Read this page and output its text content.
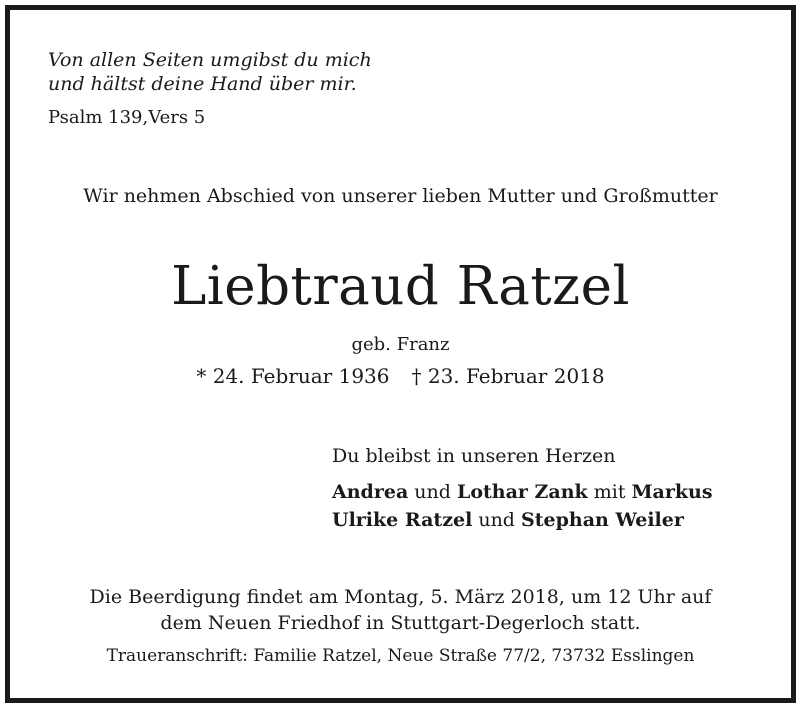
Von allen Seiten umgibst du mich
und hältst deine Hand über mir.
Psalm 139,Vers 5
Wir nehmen Abschied von unserer lieben Mutter und Großmutter
Liebtraud Ratzel
geb. Franz
* 24. Februar 1936 † 23. Februar 2018
Du bleibst in unseren Herzen
Andrea und Lothar Zank mit Markus
Ulrike Ratzel und Stephan Weiler
Die Beerdigung findet am Montag, 5. März 2018, um 12 Uhr auf
dem Neuen Friedhof in Stuttgart-Degerloch statt.
Traueranschrift: Familie Ratzel, Neue Straße 77/2, 73732 Esslingen
